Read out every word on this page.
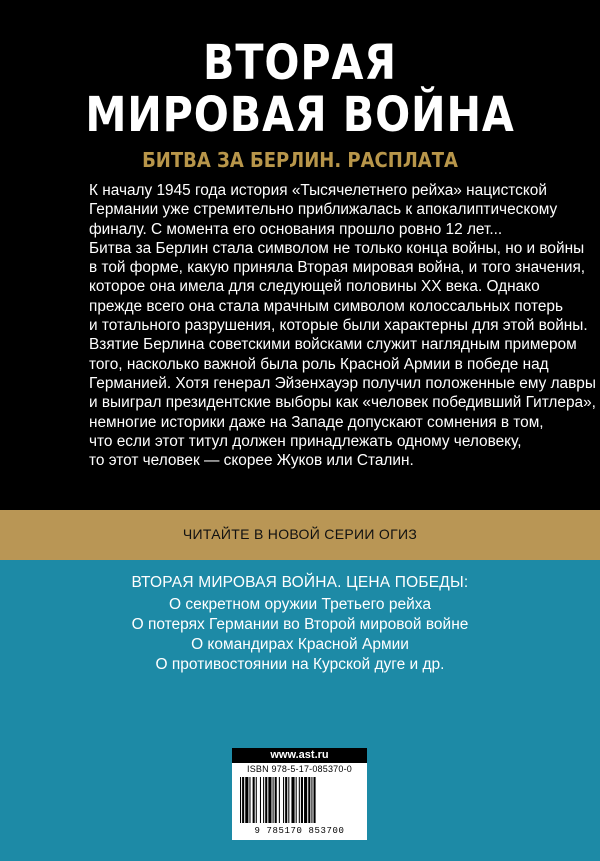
ВТОРАЯ
МИРОВАЯ ВОЙНА
БИТВА ЗА БЕРЛИН. РАСПЛАТА
К началу 1945 года история «Тысячелетнего рейха» нацистской
Германии уже стремительно приближалась к апокалиптическому
финалу. С момента его основания прошло ровно 12 лет...
Битва за Берлин стала символом не только конца войны, но и войны
в той форме, какую приняла Вторая мировая война, и того значения,
которое она имела для следующей половины XX века. Однако
прежде всего она стала мрачным символом колоссальных потерь
и тотального разрушения, которые были характерны для этой войны.
Взятие Берлина советскими войсками служит наглядным примером
того, насколько важной была роль Красной Армии в победе над
Германией. Хотя генерал Эйзенхауэр получил положенные ему лавры
и выиграл президентские выборы как «человек победивший Гитлера»,
немногие историки даже на Западе допускают сомнения в том,
что если этот титул должен принадлежать одному человеку,
то этот человек — скорее Жуков или Сталин.
ЧИТАЙТЕ В НОВОЙ СЕРИИ ОГИЗ
ВТОРАЯ МИРОВАЯ ВОЙНА. ЦЕНА ПОБЕДЫ:
О секретном оружии Третьего рейха
О потерях Германии во Второй мировой войне
О командирах Красной Армии
О противостоянии на Курской дуге и др.
www.ast.ru
ISBN 978-5-17-085370-0
9 785170 853700
